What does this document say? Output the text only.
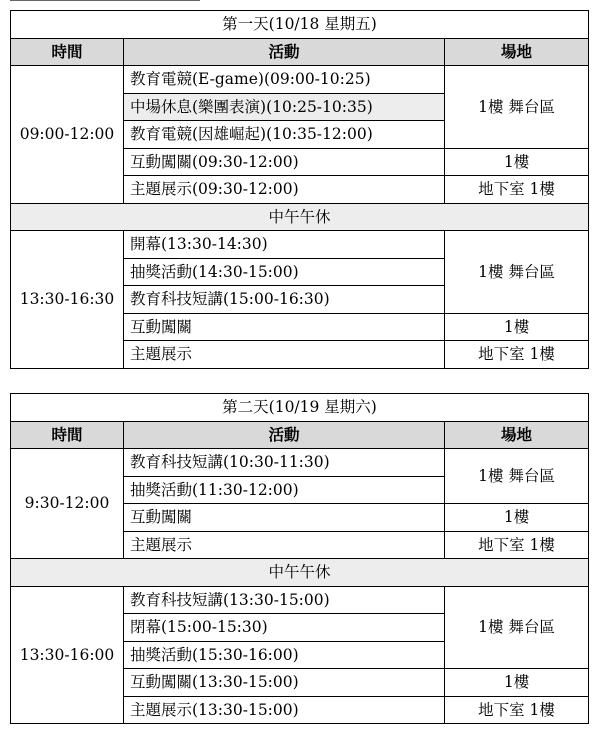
第一天(10/18 星期五)		
時間	活動	場地
09:00-12:00	教育電競(E-game)(09:00-10:25)	1樓 舞台區
	中場休息(樂團表演)(10:25-10:35)	
	教育電競(因雄崛起)(10:35-12:00)	
	互動闖關(09:30-12:00)	1樓
	主題展示(09:30-12:00)	地下室 1樓
中午午休		
13:30-16:30	開幕(13:30-14:30)	1樓 舞台區
	抽獎活動(14:30-15:00)	
	教育科技短講(15:00-16:30)	
	互動闖關	1樓
	主題展示	地下室 1樓
第二天(10/19 星期六)		
時間	活動	場地
9:30-12:00	教育科技短講(10:30-11:30)	1樓 舞台區
	抽獎活動(11:30-12:00)	
	互動闖關	1樓
	主題展示	地下室 1樓
中午午休		
13:30-16:00	教育科技短講(13:30-15:00)	1樓 舞台區
	閉幕(15:00-15:30)	
	抽獎活動(15:30-16:00)	
	互動闖關(13:30-15:00)	1樓
	主題展示(13:30-15:00)	地下室 1樓
